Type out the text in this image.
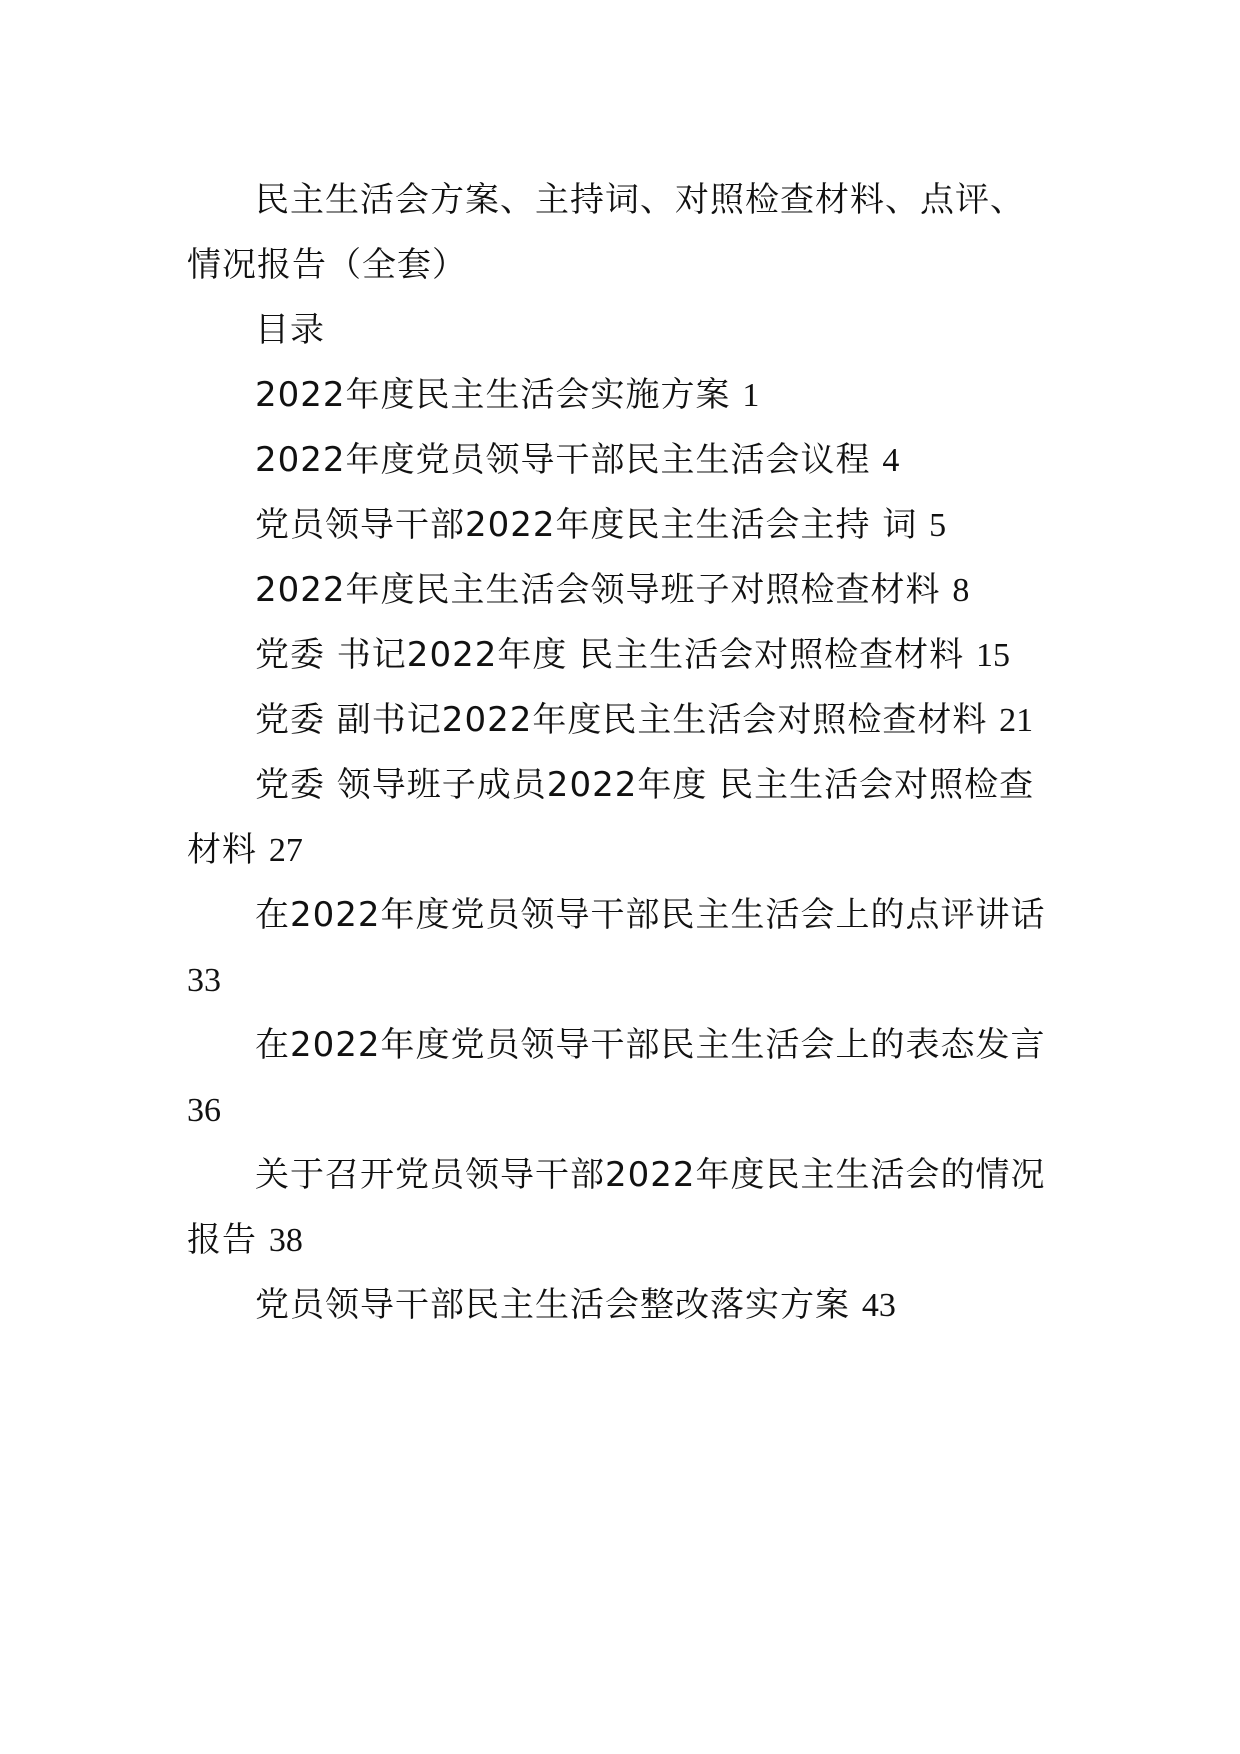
民主生活会方案、主持词、对照检查材料、点评、情况报告（全套）

目录

2022年度民主生活会实施方案 1

2022年度党员领导干部民主生活会议程 4

党员领导干部2022年度民主生活会主持 词 5

2022年度民主生活会领导班子对照检查材料 8

党委 书记2022年度 民主生活会对照检查材料 15

党委 副书记2022年度民主生活会对照检查材料 21

党委 领导班子成员2022年度 民主生活会对照检查材料 27

在2022年度党员领导干部民主生活会上的点评讲话 33

在2022年度党员领导干部民主生活会上的表态发言 36

关于召开党员领导干部2022年度民主生活会的情况报告 38

党员领导干部民主生活会整改落实方案 43
